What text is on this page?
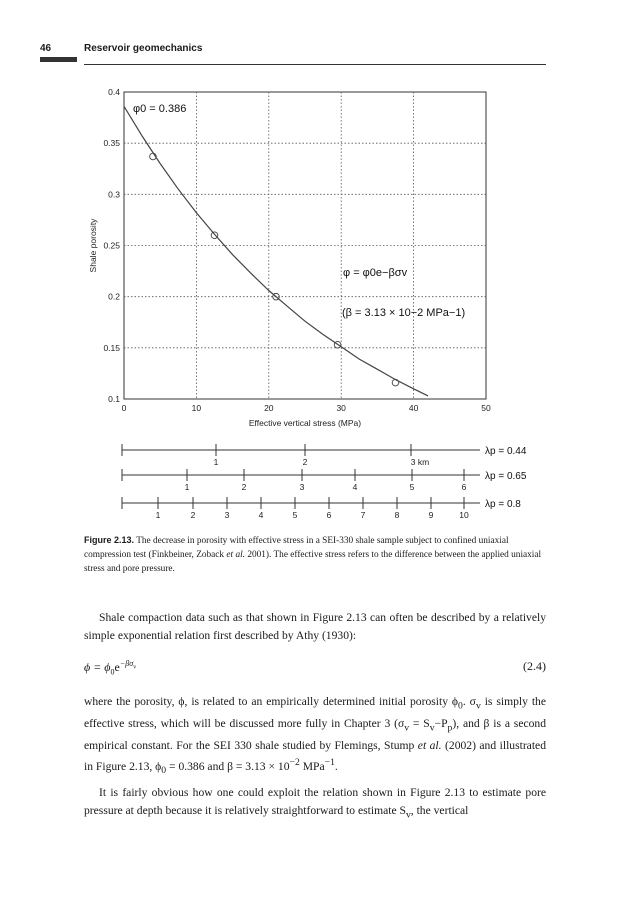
46	Reservoir geomechanics
0	10	20	30	40	50
0.4
0.35
0.3
0.25
0.2
0.15
0.1
Effective vertical stress (MPa)
Shale porosity
φ0 = 0.386
φ = φ0e−βσv
(β = 3.13 × 10−2 MPa−1)
1	2	3 km
λp = 0.44
1	2	3	4	5	6
λp = 0.65
1	2	3	4	5	6	7	8	9	10
λp = 0.8
Figure 2.13. The decrease in porosity with effective stress in a SEI-330 shale sample subject to confined uniaxial compression test (Finkbeiner, Zoback et al. 2001). The effective stress refers to the difference between the applied uniaxial stress and pore pressure.
Shale compaction data such as that shown in Figure 2.13 can often be described by a relatively simple exponential relation first described by Athy (1930):
$\phi = \phi_0e^{-\beta\sigma_v}$	(2.4)
where the porosity, ϕ, is related to an empirically determined initial porosity $\phi_0$. $\sigma_v$ is simply the effective stress, which will be discussed more fully in Chapter 3 $(\sigma_v = S_v-P_p)$, and β is a second empirical constant. For the SEI 330 shale studied by Flemings, Stump et al. (2002) and illustrated in Figure 2.13, $\phi_0 = 0.386$ and $\beta = 3.13 \times 10^{-2}$ MPa$^{-1}$.
It is fairly obvious how one could exploit the relation shown in Figure 2.13 to estimate pore pressure at depth because it is relatively straightforward to estimate $S_v$, the vertical
